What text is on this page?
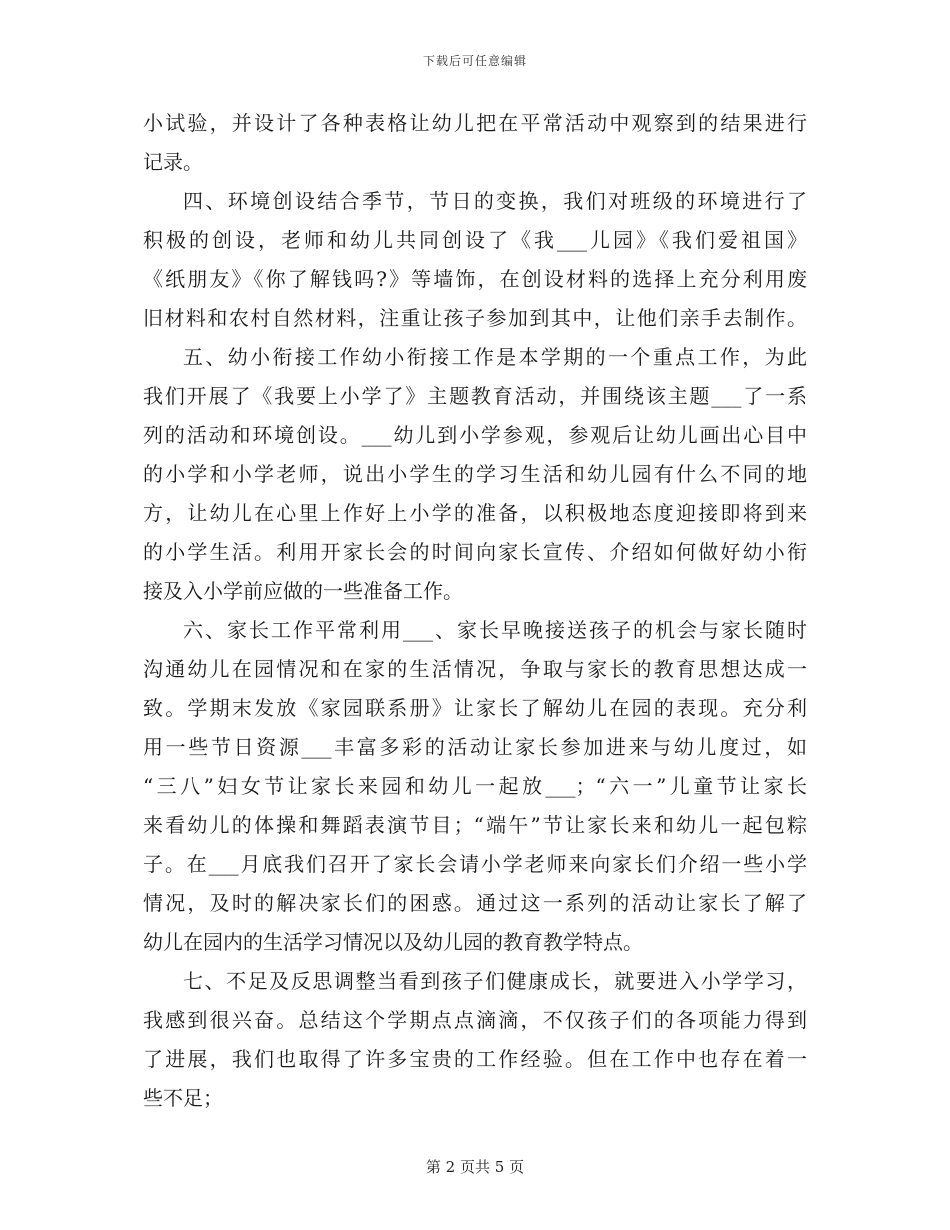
下载后可任意编辑
小试验，并设计了各种表格让幼儿把在平常活动中观察到的结果进行
记录。
四、环境创设结合季节，节日的变换，我们对班级的环境进行了
积极的创设，老师和幼儿共同创设了《我___儿园》《我们爱祖国》
《纸朋友》《你了解钱吗?》等墙饰，在创设材料的选择上充分利用废
旧材料和农村自然材料，注重让孩子参加到其中，让他们亲手去制作。
五、幼小衔接工作幼小衔接工作是本学期的一个重点工作，为此
我们开展了《我要上小学了》主题教育活动，并围绕该主题___了一系
列的活动和环境创设。___幼儿到小学参观，参观后让幼儿画出心目中
的小学和小学老师，说出小学生的学习生活和幼儿园有什么不同的地
方，让幼儿在心里上作好上小学的准备，以积极地态度迎接即将到来
的小学生活。利用开家长会的时间向家长宣传、介绍如何做好幼小衔
接及入小学前应做的一些准备工作。
六、家长工作平常利用___、家长早晚接送孩子的机会与家长随时
沟通幼儿在园情况和在家的生活情况，争取与家长的教育思想达成一
致。学期末发放《家园联系册》让家长了解幼儿在园的表现。充分利
用一些节日资源___丰富多彩的活动让家长参加进来与幼儿度过，如
“三八”妇女节让家长来园和幼儿一起放___；“六一”儿童节让家长
来看幼儿的体操和舞蹈表演节目；“端午”节让家长来和幼儿一起包粽
子。在___月底我们召开了家长会请小学老师来向家长们介绍一些小学
情况，及时的解决家长们的困惑。通过这一系列的活动让家长了解了
幼儿在园内的生活学习情况以及幼儿园的教育教学特点。
七、不足及反思调整当看到孩子们健康成长，就要进入小学学习，
我感到很兴奋。总结这个学期点点滴滴，不仅孩子们的各项能力得到
了进展，我们也取得了许多宝贵的工作经验。但在工作中也存在着一
些不足；
第 2 页共 5 页
